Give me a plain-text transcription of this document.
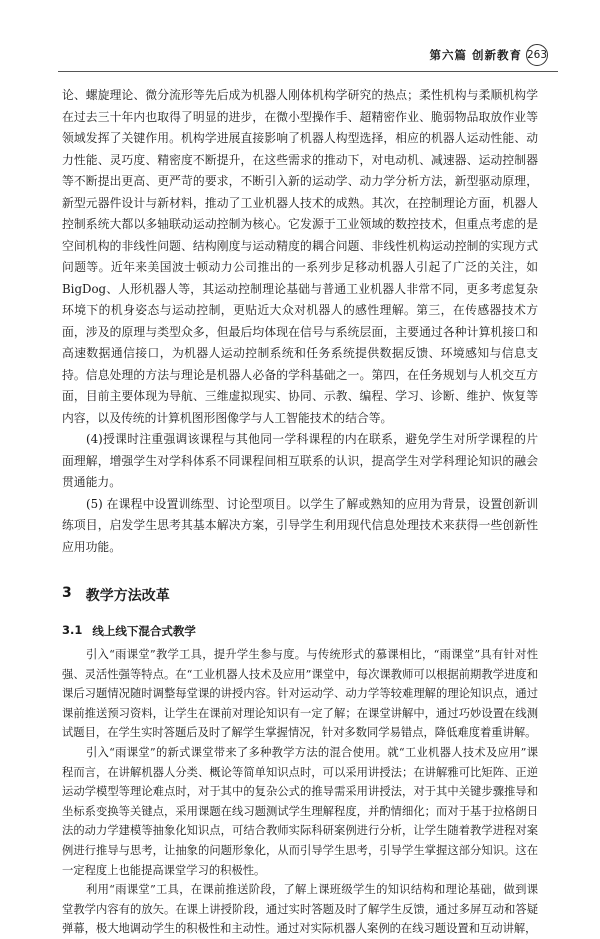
第六篇 创新教育 263

论、螺旋理论、微分流形等先后成为机器人刚体机构学研究的热点；柔性机构与柔顺机构学在过去三十年内也取得了明显的进步，在微小型操作手、超精密作业、脆弱物品取放作业等领域发挥了关键作用。机构学进展直接影响了机器人构型选择，相应的机器人运动性能、动力性能、灵巧度、精密度不断提升，在这些需求的推动下，对电动机、减速器、运动控制器等不断提出更高、更严苛的要求，不断引入新的运动学、动力学分析方法，新型驱动原理，新型元器件设计与新材料，推动了工业机器人技术的成熟。其次，在控制理论方面，机器人控制系统大都以多轴联动运动控制为核心。它发源于工业领域的数控技术，但重点考虑的是空间机构的非线性问题、结构刚度与运动精度的耦合问题、非线性机构运动控制的实现方式问题等。近年来美国波士顿动力公司推出的一系列步足移动机器人引起了广泛的关注，如 BigDog、人形机器人等，其运动控制理论基础与普通工业机器人非常不同，更多考虑复杂环境下的机身姿态与运动控制，更贴近大众对机器人的感性理解。第三，在传感器技术方面，涉及的原理与类型众多，但最后均体现在信号与系统层面，主要通过各种计算机接口和高速数据通信接口，为机器人运动控制系统和任务系统提供数据反馈、环境感知与信息支持。信息处理的方法与理论是机器人必备的学科基础之一。第四，在任务规划与人机交互方面，目前主要体现为导航、三维虚拟现实、协同、示教、编程、学习、诊断、维护、恢复等内容，以及传统的计算机图形图像学与人工智能技术的结合等。

(4)授课时注重强调该课程与其他同一学科课程的内在联系，避免学生对所学课程的片面理解，增强学生对学科体系不同课程间相互联系的认识，提高学生对学科理论知识的融会贯通能力。

(5) 在课程中设置训练型、讨论型项目。以学生了解或熟知的应用为背景，设置创新训练项目，启发学生思考其基本解决方案，引导学生利用现代信息处理技术来获得一些创新性应用功能。

3 教学方法改革
3.1 线上线下混合式教学

引入“雨课堂”教学工具，提升学生参与度。与传统形式的慕课相比，“雨课堂”具有针对性强、灵活性强等特点。在“工业机器人技术及应用”课堂中，每次课教师可以根据前期教学进度和课后习题情况随时调整每堂课的讲授内容。针对运动学、动力学等较难理解的理论知识点，通过课前推送预习资料，让学生在课前对理论知识有一定了解；在课堂讲解中，通过巧妙设置在线测试题目，在学生实时答题后及时了解学生掌握情况，针对多数同学易错点，降低难度着重讲解。

引入“雨课堂”的新式课堂带来了多种教学方法的混合使用。就“工业机器人技术及应用”课程而言，在讲解机器人分类、概论等简单知识点时，可以采用讲授法；在讲解雅可比矩阵、正逆运动学模型等理论难点时，对于其中的复杂公式的推导需采用讲授法，对于其中关键步骤推导和坐标系变换等关键点，采用课题在线习题测试学生理解程度，并酌情细化；而对于基于拉格朗日法的动力学建模等抽象化知识点，可结合教师实际科研案例进行分析，让学生随着教学进程对案例进行推导与思考，让抽象的问题形象化，从而引导学生思考，引导学生掌握这部分知识。这在一定程度上也能提高课堂学习的积极性。

利用“雨课堂”工具，在课前推送阶段，了解上课班级学生的知识结构和理论基础，做到课堂教学内容有的放矢。在课上讲授阶段，通过实时答题及时了解学生反馈，通过多屏互动和答疑弹幕，极大地调动学生的积极性和主动性。通过对实际机器人案例的在线习题设置和互动讲解，
